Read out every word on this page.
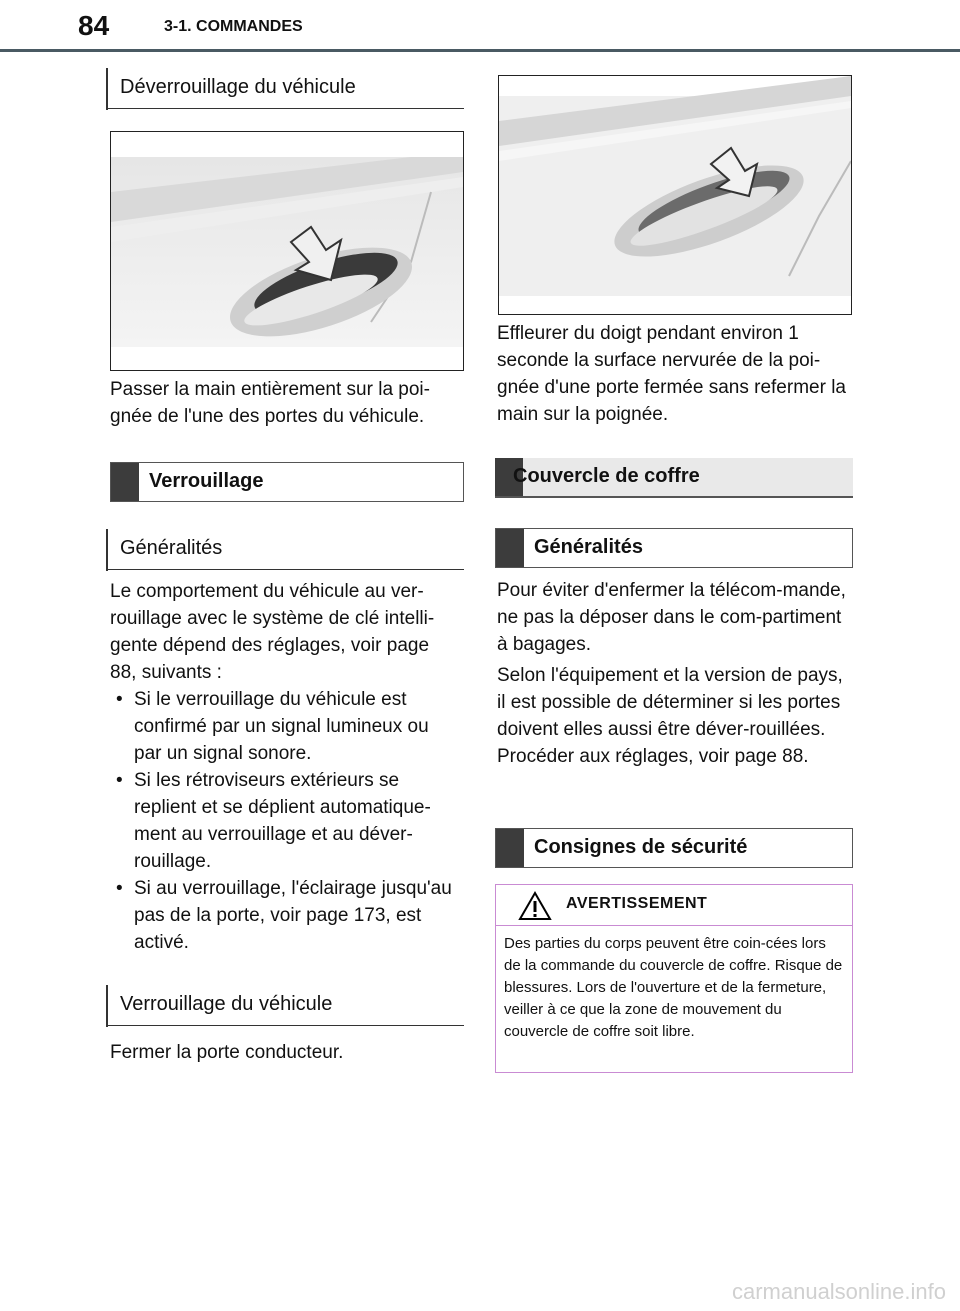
84	3-1. COMMANDES
Déverrouillage du véhicule
Passer la main entièrement sur la poi-gnée de l'une des portes du véhicule.
Verrouillage
Généralités
Le comportement du véhicule au ver-rouillage avec le système de clé intelli-gente dépend des réglages, voir page 88, suivants :
• Si le verrouillage du véhicule est confirmé par un signal lumineux ou par un signal sonore.
• Si les rétroviseurs extérieurs se replient et se déplient automatique-ment au verrouillage et au déver-rouillage.
• Si au verrouillage, l'éclairage jusqu'au pas de la porte, voir page 173, est activé.
Verrouillage du véhicule
Fermer la porte conducteur.
Effleurer du doigt pendant environ 1 seconde la surface nervurée de la poi-gnée d'une porte fermée sans refermer la main sur la poignée.
Couvercle de coffre
Généralités
Pour éviter d'enfermer la télécom-mande, ne pas la déposer dans le com-partiment à bagages.
Selon l'équipement et la version de pays, il est possible de déterminer si les portes doivent elles aussi être déver-rouillées. Procéder aux réglages, voir page 88.
Consignes de sécurité
AVERTISSEMENT
Des parties du corps peuvent être coin-cées lors de la commande du couvercle de coffre. Risque de blessures. Lors de l'ouverture et de la fermeture, veiller à ce que la zone de mouvement du couvercle de coffre soit libre.
carmanualsonline.info
